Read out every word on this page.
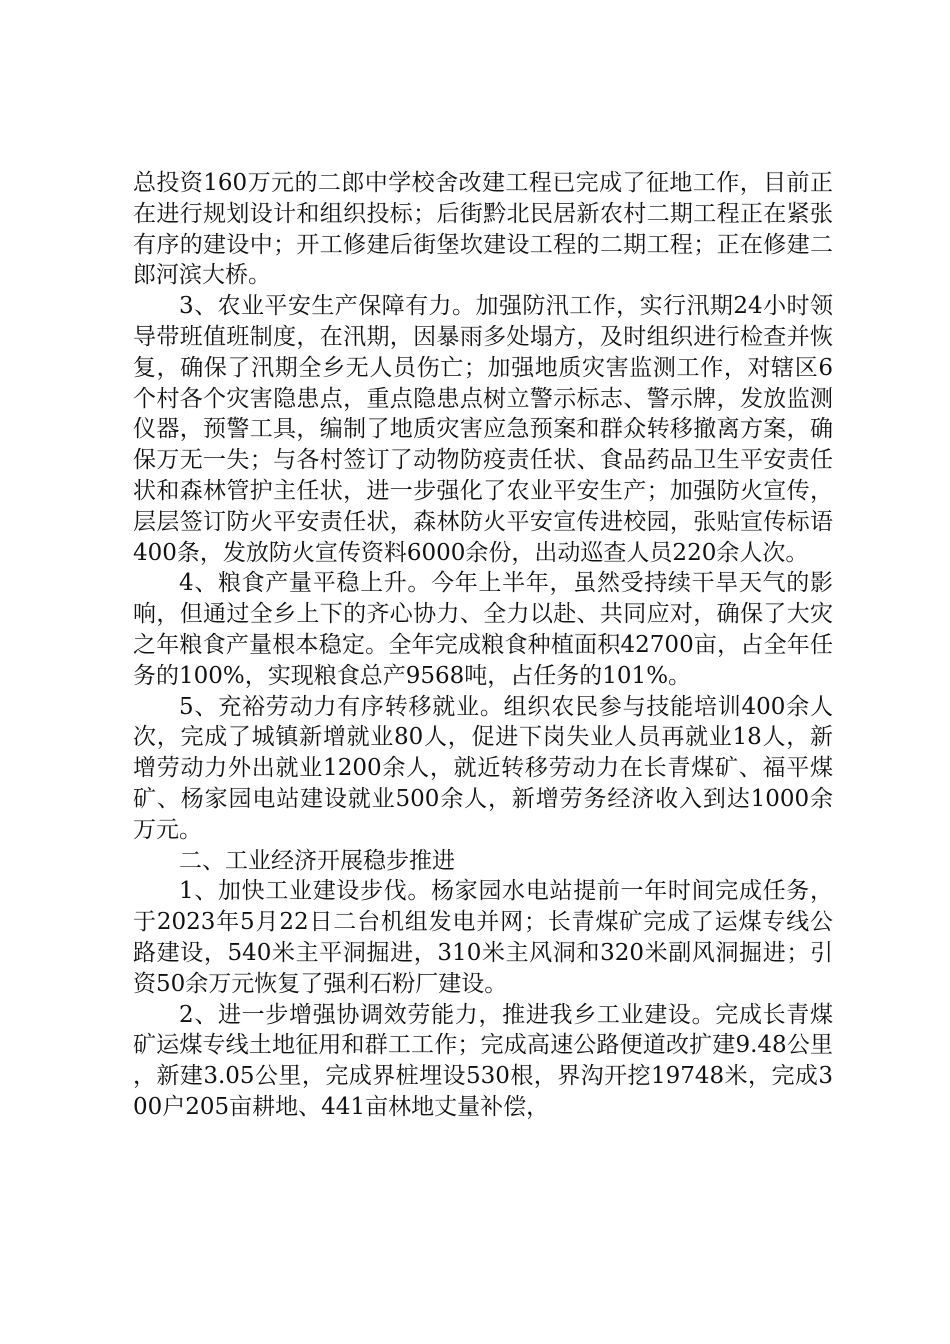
总投资160万元的二郎中学校舍改建工程已完成了征地工作，目前正在进行规划设计和组织投标；后街黔北民居新农村二期工程正在紧张有序的建设中；开工修建后街堡坎建设工程的二期工程；正在修建二郎河滨大桥。

3、农业平安生产保障有力。加强防汛工作，实行汛期24小时领导带班值班制度，在汛期，因暴雨多处塌方，及时组织进行检查并恢复，确保了汛期全乡无人员伤亡；加强地质灾害监测工作，对辖区6个村各个灾害隐患点，重点隐患点树立警示标志、警示牌，发放监测仪器，预警工具，编制了地质灾害应急预案和群众转移撤离方案，确保万无一失；与各村签订了动物防疫责任状、食品药品卫生平安责任状和森林管护主任状，进一步强化了农业平安生产；加强防火宣传，层层签订防火平安责任状，森林防火平安宣传进校园，张贴宣传标语400条，发放防火宣传资料6000余份，出动巡查人员220余人次。

4、粮食产量平稳上升。今年上半年，虽然受持续干旱天气的影响，但通过全乡上下的齐心协力、全力以赴、共同应对，确保了大灾之年粮食产量根本稳定。全年完成粮食种植面积42700亩，占全年任务的100%，实现粮食总产9568吨，占任务的101%。

5、充裕劳动力有序转移就业。组织农民参与技能培训400余人次，完成了城镇新增就业80人，促进下岗失业人员再就业18人，新增劳动力外出就业1200余人，就近转移劳动力在长青煤矿、福平煤矿、杨家园电站建设就业500余人，新增劳务经济收入到达1000余万元。

二、工业经济开展稳步推进

1、加快工业建设步伐。杨家园水电站提前一年时间完成任务，于2023年5月22日二台机组发电并网；长青煤矿完成了运煤专线公路建设，540米主平洞掘进，310米主风洞和320米副风洞掘进；引资50余万元恢复了强利石粉厂建设。

2、进一步增强协调效劳能力，推进我乡工业建设。完成长青煤矿运煤专线土地征用和群工工作；完成高速公路便道改扩建9.48公里，新建3.05公里，完成界桩埋设530根，界沟开挖19748米，完成300户205亩耕地、441亩林地丈量补偿，
